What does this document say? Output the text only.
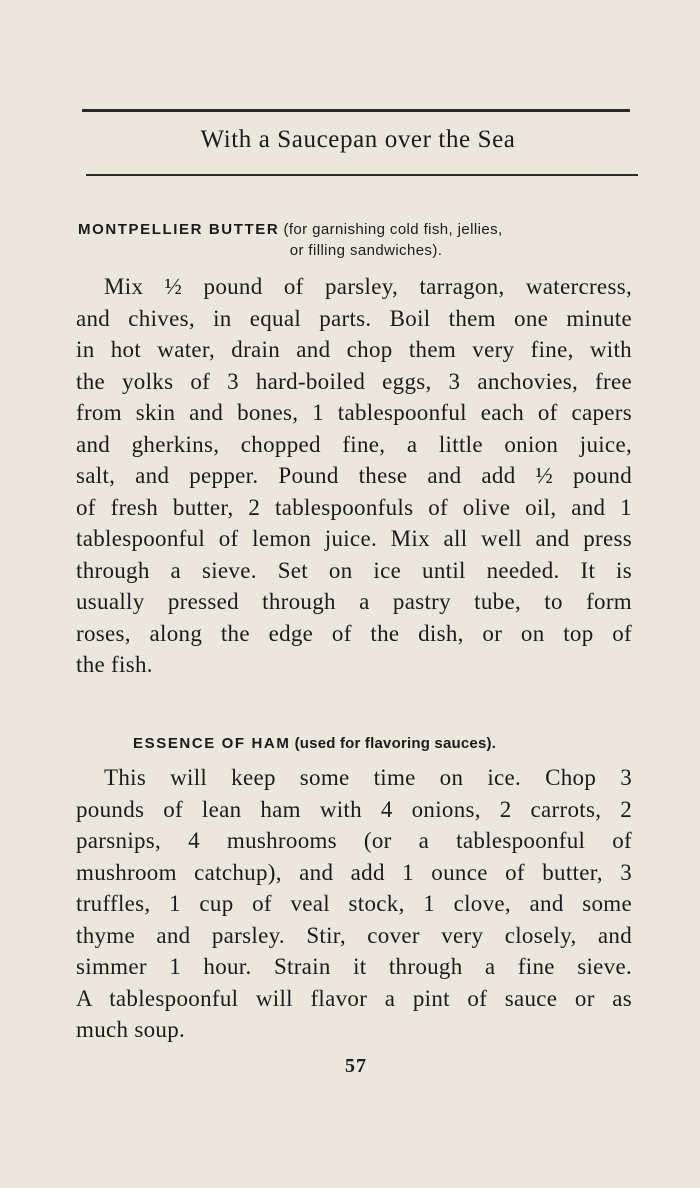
With a Saucepan over the Sea
MONTPELLIER BUTTER (for garnishing cold fish, jellies,
or filling sandwiches).
Mix ½ pound of parsley, tarragon, watercress,
and chives, in equal parts. Boil them one minute
in hot water, drain and chop them very fine, with
the yolks of 3 hard-boiled eggs, 3 anchovies, free
from skin and bones, 1 tablespoonful each of capers
and gherkins, chopped fine, a little onion juice,
salt, and pepper. Pound these and add ½ pound
of fresh butter, 2 tablespoonfuls of olive oil, and 1
tablespoonful of lemon juice. Mix all well and press
through a sieve. Set on ice until needed. It is
usually pressed through a pastry tube, to form
roses, along the edge of the dish, or on top of
the fish.
ESSENCE OF HAM (used for flavoring sauces).
This will keep some time on ice. Chop 3
pounds of lean ham with 4 onions, 2 carrots, 2
parsnips, 4 mushrooms (or a tablespoonful of
mushroom catchup), and add 1 ounce of butter, 3
truffles, 1 cup of veal stock, 1 clove, and some
thyme and parsley. Stir, cover very closely, and
simmer 1 hour. Strain it through a fine sieve.
A tablespoonful will flavor a pint of sauce or as
much soup.
57
